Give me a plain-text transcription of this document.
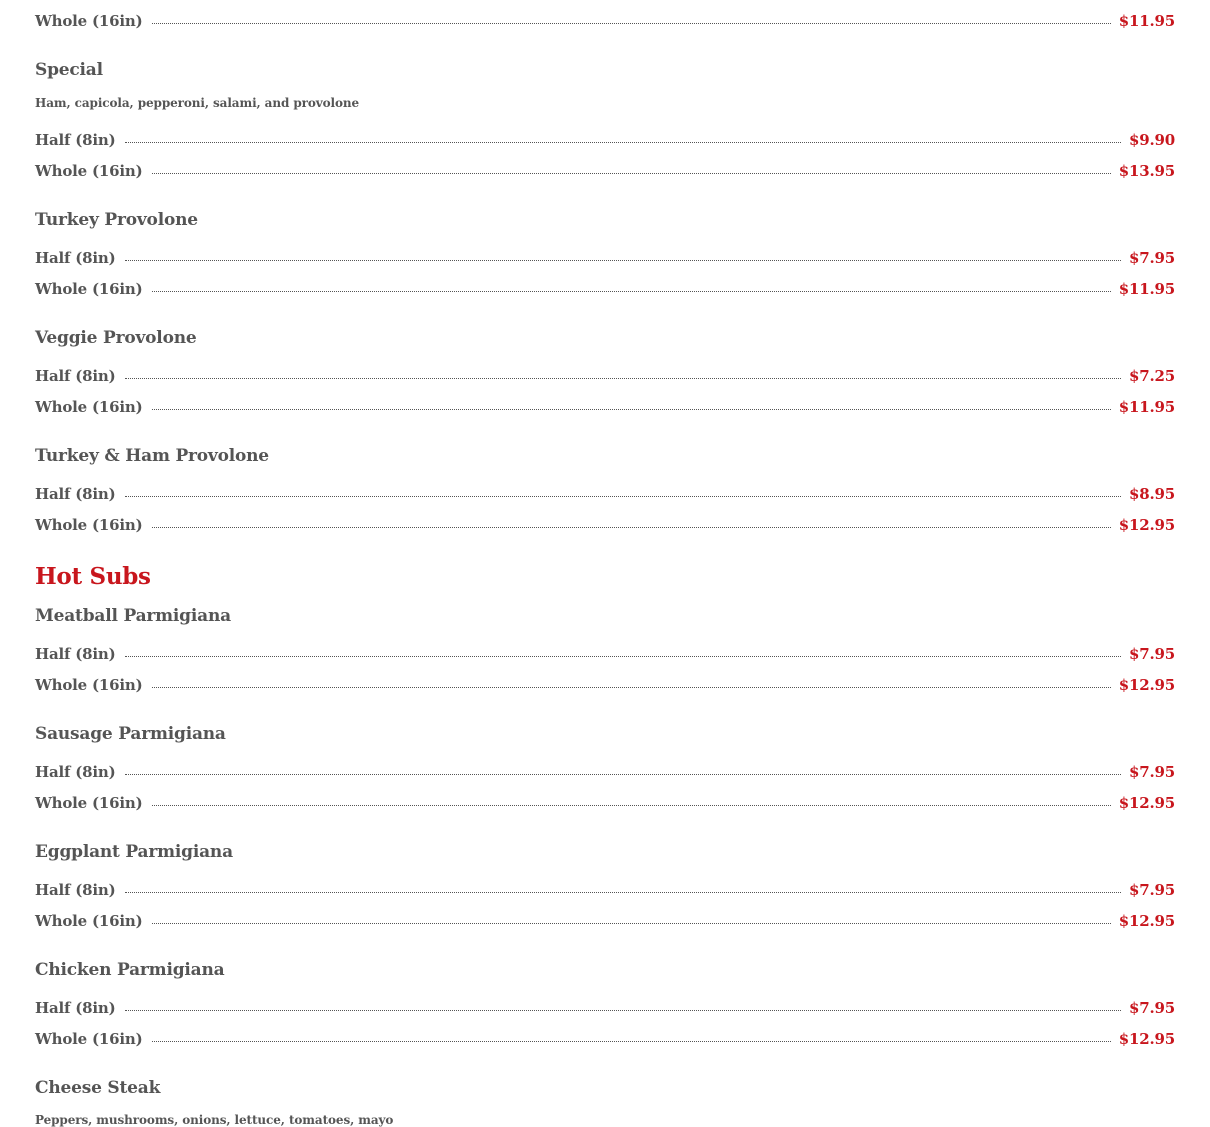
Whole (16in)	$11.95
Special
Ham, capicola, pepperoni, salami, and provolone
Half (8in)	$9.90
Whole (16in)	$13.95
Turkey Provolone
Half (8in)	$7.95
Whole (16in)	$11.95
Veggie Provolone
Half (8in)	$7.25
Whole (16in)	$11.95
Turkey & Ham Provolone
Half (8in)	$8.95
Whole (16in)	$12.95
Hot Subs
Meatball Parmigiana
Half (8in)	$7.95
Whole (16in)	$12.95
Sausage Parmigiana
Half (8in)	$7.95
Whole (16in)	$12.95
Eggplant Parmigiana
Half (8in)	$7.95
Whole (16in)	$12.95
Chicken Parmigiana
Half (8in)	$7.95
Whole (16in)	$12.95
Cheese Steak
Peppers, mushrooms, onions, lettuce, tomatoes, mayo
